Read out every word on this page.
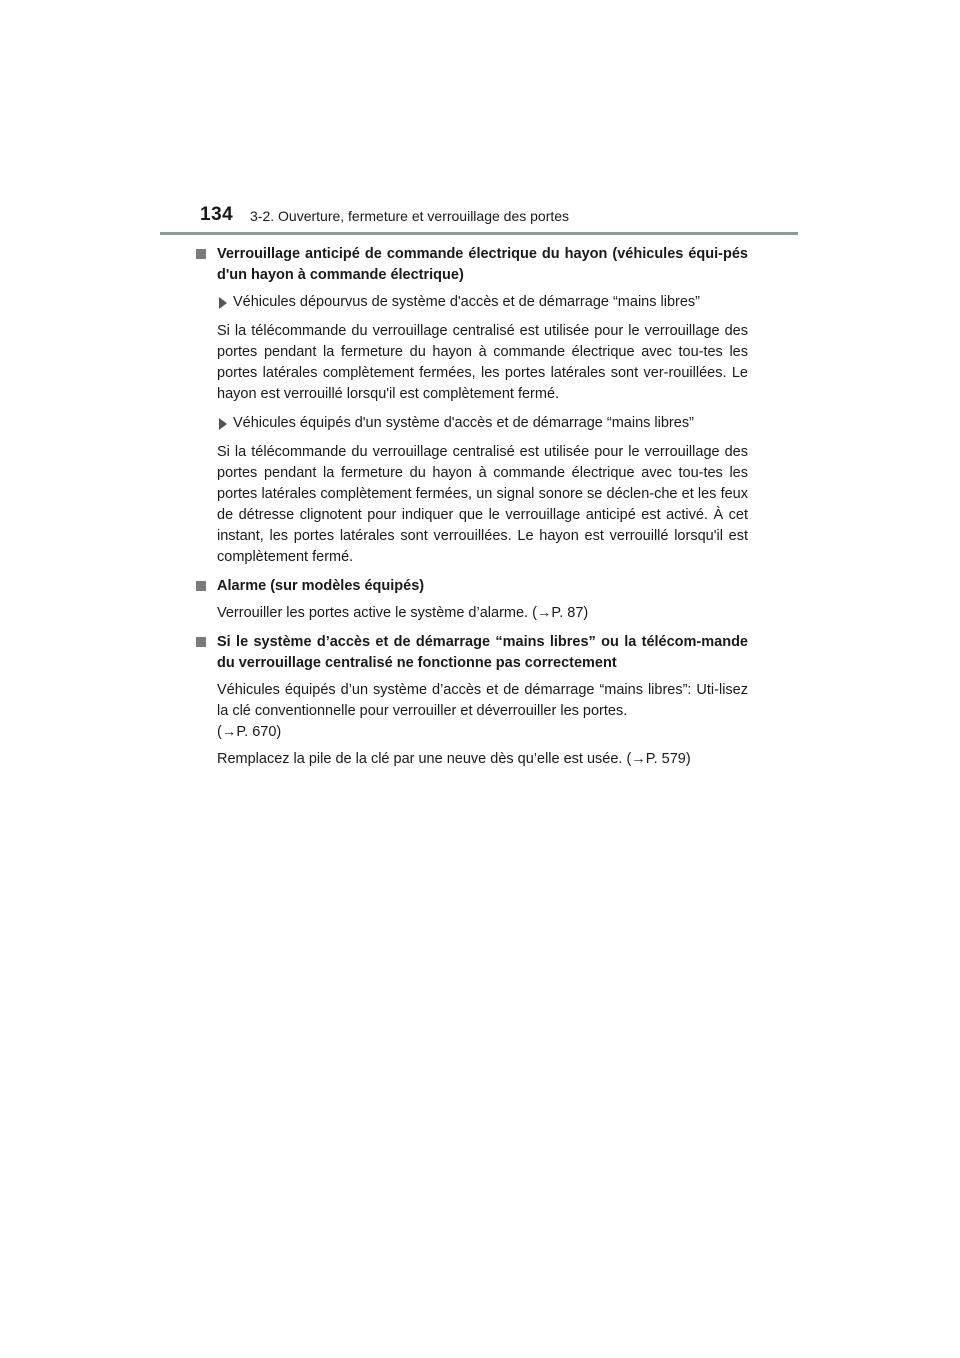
134 3-2. Ouverture, fermeture et verrouillage des portes
Verrouillage anticipé de commande électrique du hayon (véhicules équi-pés d'un hayon à commande électrique)
Véhicules dépourvus de système d'accès et de démarrage “mains libres”

Si la télécommande du verrouillage centralisé est utilisée pour le verrouillage des portes pendant la fermeture du hayon à commande électrique avec tou-tes les portes latérales complètement fermées, les portes latérales sont ver-rouillées. Le hayon est verrouillé lorsqu'il est complètement fermé.

Véhicules équipés d'un système d'accès et de démarrage “mains libres”

Si la télécommande du verrouillage centralisé est utilisée pour le verrouillage des portes pendant la fermeture du hayon à commande électrique avec tou-tes les portes latérales complètement fermées, un signal sonore se déclen-che et les feux de détresse clignotent pour indiquer que le verrouillage anticipé est activé. À cet instant, les portes latérales sont verrouillées. Le hayon est verrouillé lorsqu'il est complètement fermé.

Alarme (sur modèles équipés)

Verrouiller les portes active le système d’alarme. (→P. 87)

Si le système d’accès et de démarrage “mains libres” ou la télécom-mande du verrouillage centralisé ne fonctionne pas correctement

Véhicules équipés d’un système d’accès et de démarrage “mains libres”: Uti-lisez la clé conventionnelle pour verrouiller et déverrouiller les portes.

(→P. 670)

Remplacez la pile de la clé par une neuve dès qu’elle est usée. (→P. 579)
